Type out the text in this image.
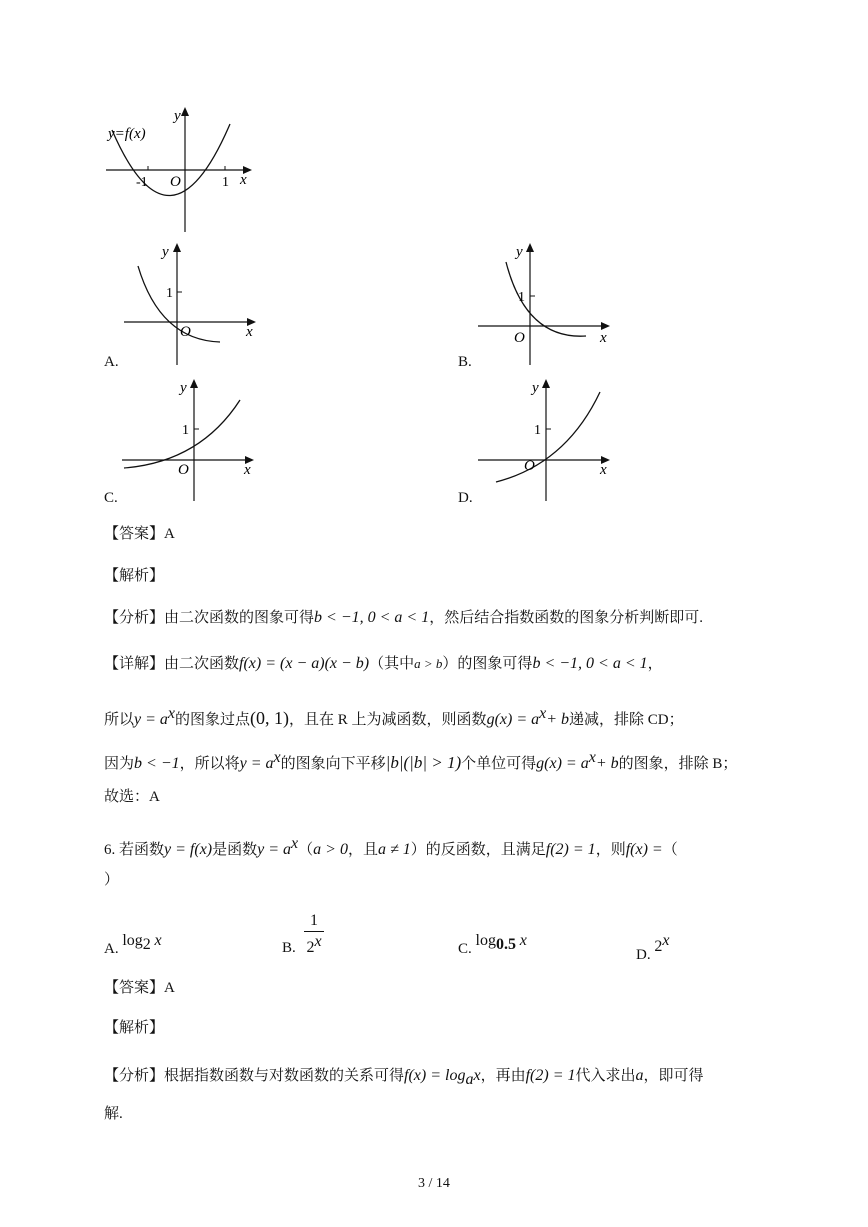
y=f(x)
y
x
O
-1	1
y
1
O	x
A.
y
1
O	x
B.
y
1
O	x
C.
y
1
O	x
D.
【答案】A
【解析】
【分析】由二次函数的图象可得b < −1, 0 < a < 1，然后结合指数函数的图象分析判断即可.
【详解】由二次函数f(x) = (x − a)(x − b)（其中a > b）的图象可得b < −1, 0 < a < 1，
所以$y = a^x$的图象过点(0, 1)，且在 R 上为减函数，则函数$g(x) = a^x+ b$递减，排除 CD；
因为b < −1，所以将$y = a^x$的图象向下平移|b|(|b| > 1)个单位可得$g(x) = a^x+ b$的图象，排除 B；
故选：A
6. 若函数y = f(x)是函数$y = a^x(a > 0$，且a ≠ 1）的反函数，且满足f(2) = 1，则f(x) =（
）
A. $\log_2 x$	B.
1
2$^x$	C. $\log_{0.5} x$
D. 2$^x$
【答案】A
【解析】
【分析】根据指数函数与对数函数的关系可得$f(x) = \log_ax$，再由f(2) = 1代入求出a，即可得
解.
3 / 14
